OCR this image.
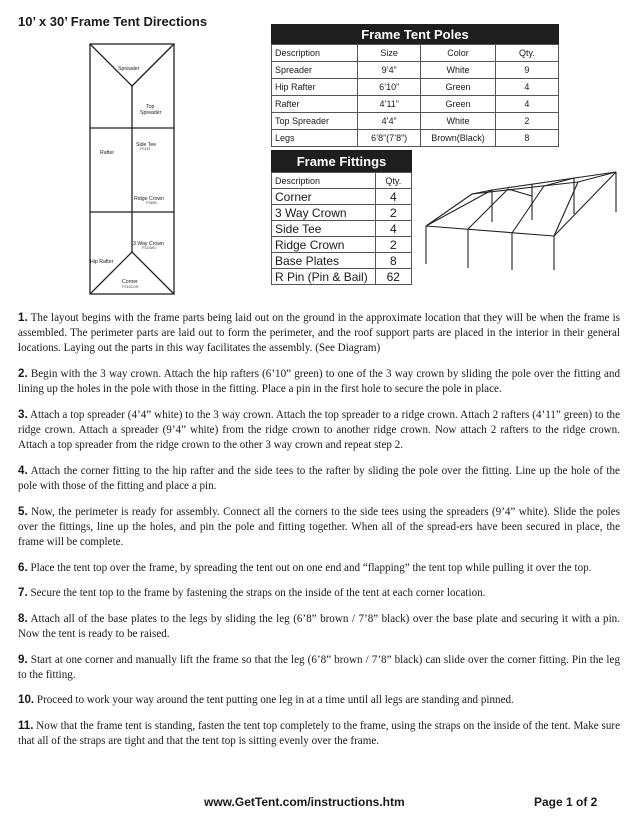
10’ x 30’ Frame Tent Directions
Spreader
Top
Spreader
Side Tee
FS15T
Rafter
Ridge Crown
FS6RC
3 Way Crown
FS15WC
Hip Rafter
Corner
FS15COR
Frame Tent Poles
Description	Size	Color	Qty.
Spreader	9’4”	White	9
Hip Rafter	6’10”	Green	4
Rafter	4’11”	Green	4
Top Spreader	4’4”	White	2
Legs	6’8”(7’8”)	Brown(Black)	8
Frame Fittings
Description	Qty.
Corner	4
3 Way Crown	2
Side Tee	4
Ridge Crown	2
Base Plates	8
R Pin (Pin & Bail)	62

1. The layout begins with the frame parts being laid out on the ground in the approximate location that they will be when the frame is assembled. The perimeter parts are laid out to form the perimeter, and the roof support parts are placed in the interior in their general locations. Laying out the parts in this way facilitates the assembly. (See Diagram)

2. Begin with the 3 way crown. Attach the hip rafters (6’10” green) to one of the 3 way crown by sliding the pole over the fitting and lining up the holes in the pole with those in the fitting. Place a pin in the first hole to secure the pole in place.

3. Attach a top spreader (4’4” white) to the 3 way crown. Attach the top spreader to a ridge crown. Attach 2 rafters (4’11” green) to the ridge crown. Attach a spreader (9’4” white) from the ridge crown to another ridge crown. Now attach 2 rafters to the ridge crown. Attach a top spreader from the ridge crown to the other 3 way crown and repeat step 2.

4. Attach the corner fitting to the hip rafter and the side tees to the rafter by sliding the pole over the fitting. Line up the hole of the pole with those of the fitting and place a pin.

5. Now, the perimeter is ready for assembly. Connect all the corners to the side tees using the spreaders (9’4” white). Slide the poles over the fittings, line up the holes, and pin the pole and fitting together. When all of the spread-ers have been secured in place, the frame will be complete.

6. Place the tent top over the frame, by spreading the tent out on one end and “flapping” the tent top while pulling it over the top.

7. Secure the tent top to the frame by fastening the straps on the inside of the tent at each corner location.

8. Attach all of the base plates to the legs by sliding the leg (6’8” brown / 7’8” black) over the base plate and securing it with a pin. Now the tent is ready to be raised.

9. Start at one corner and manually lift the frame so that the leg (6’8” brown / 7’8” black) can slide over the corner fitting. Pin the leg to the fitting.

10. Proceed to work your way around the tent putting one leg in at a time until all legs are standing and pinned.

11. Now that the frame tent is standing, fasten the tent top completely to the frame, using the straps on the inside of the tent. Make sure that all of the straps are tight and that the tent top is sitting evenly over the frame.

www.GetTent.com/instructions.htm	Page 1 of 2
